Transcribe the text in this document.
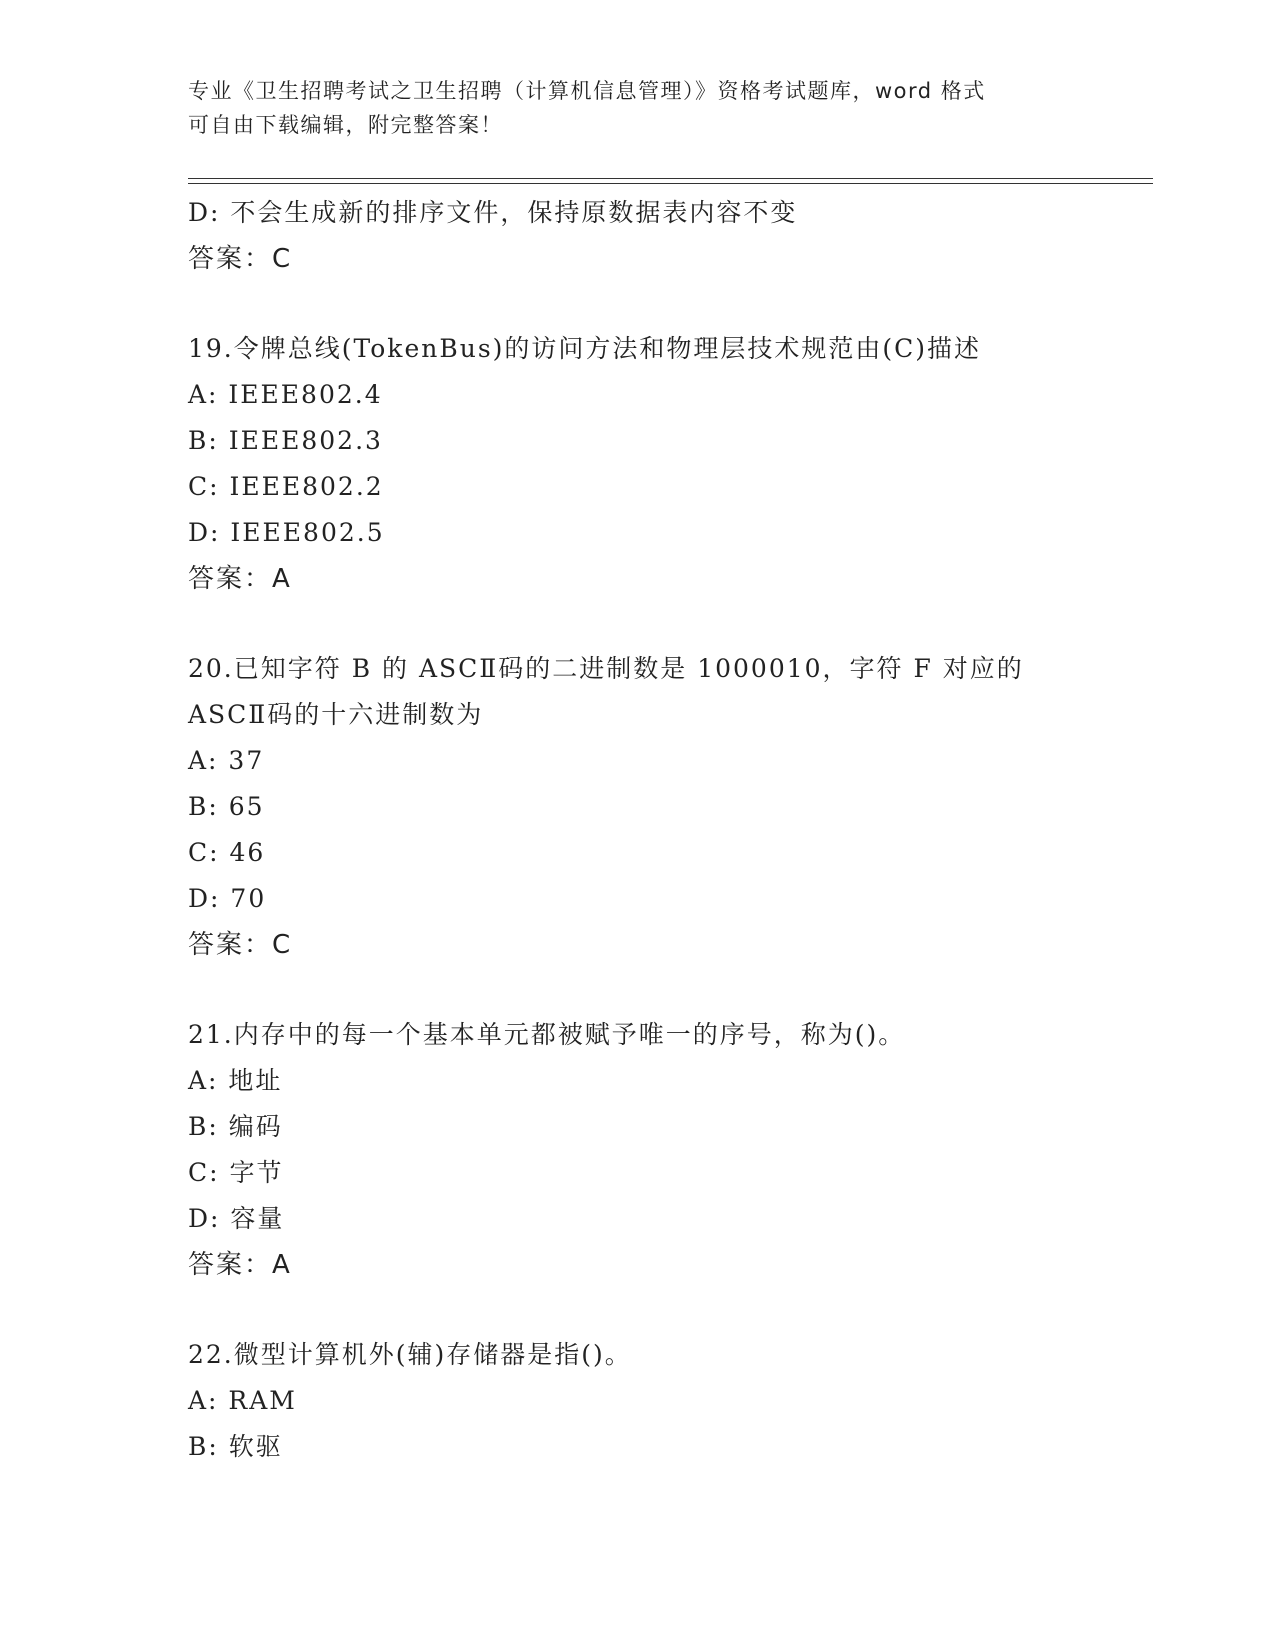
专业《卫生招聘考试之卫生招聘（计算机信息管理）》资格考试题库，word 格式
可自由下载编辑，附完整答案！
D: 不会生成新的排序文件，保持原数据表内容不变
答案：C
19.令牌总线(TokenBus)的访问方法和物理层技术规范由(C)描述
A: IEEE802.4
B: IEEE802.3
C: IEEE802.2
D: IEEE802.5
答案：A
20.已知字符 B 的 ASCⅡ码的二进制数是 1000010，字符 F 对应的 ASCⅡ码的十六进制数为
A: 37
B: 65
C: 46
D: 70
答案：C
21.内存中的每一个基本单元都被赋予唯一的序号，称为()。
A: 地址
B: 编码
C: 字节
D: 容量
答案：A
22.微型计算机外(辅)存储器是指()。
A: RAM
B: 软驱
